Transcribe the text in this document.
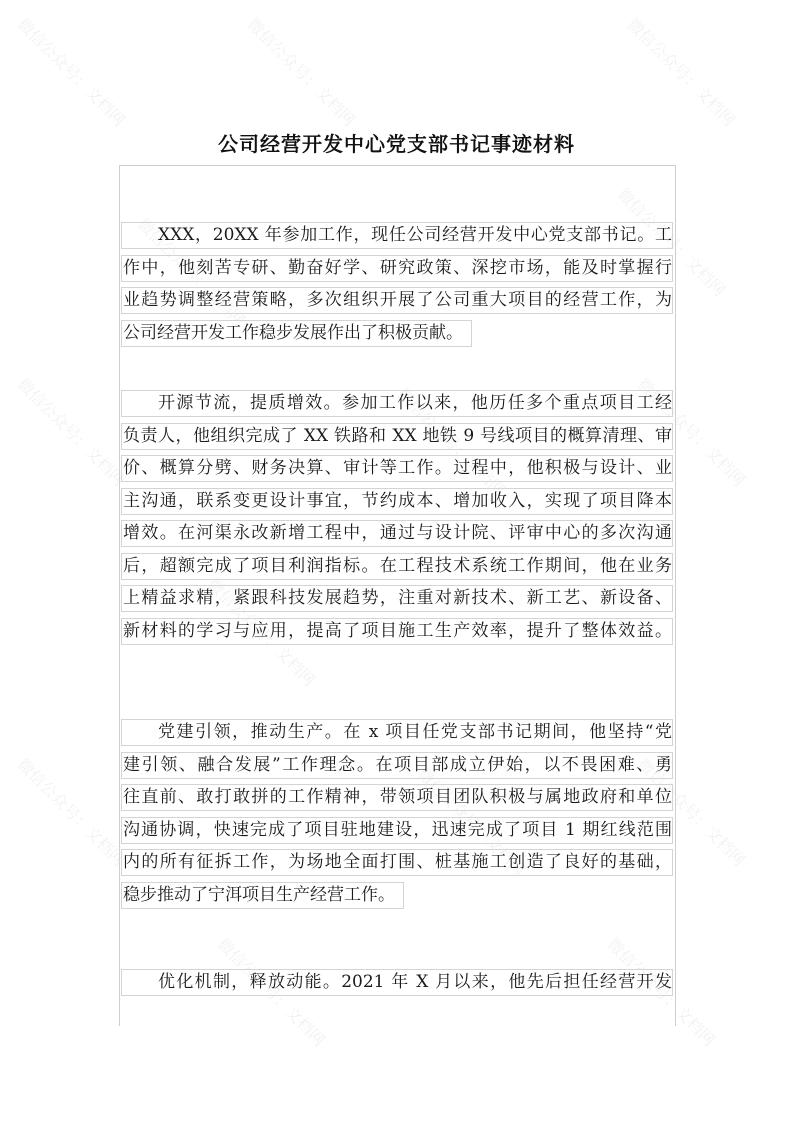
微信公众号：文档网	微信公众号：文档网	微信公众号：文档网
微信公众号：文档网	微信公众号：文档网
微信公众号：文档网	微信公众号：文档网	微信公众号：文档网
微信公众号：文档网
微信公众号：文档网	微信公众号：文档网	微信公众号：文档网
微信公众号：文档网	微信公众号：文档网
公司经营开发中心党支部书记事迹材料
XXX，20XX 年参加工作，现任公司经营开发中心党支部书记。工
作中，他刻苦专研、勤奋好学、研究政策、深挖市场，能及时掌握行
业趋势调整经营策略，多次组织开展了公司重大项目的经营工作，为
公司经营开发工作稳步发展作出了积极贡献。
开源节流，提质增效。参加工作以来，他历任多个重点项目工经
负责人，他组织完成了 XX 铁路和 XX 地铁 9 号线项目的概算清理、审
价、概算分劈、财务决算、审计等工作。过程中，他积极与设计、业
主沟通，联系变更设计事宜，节约成本、增加收入，实现了项目降本
增效。在河渠永改新增工程中，通过与设计院、评审中心的多次沟通
后，超额完成了项目利润指标。在工程技术系统工作期间，他在业务
上精益求精，紧跟科技发展趋势，注重对新技术、新工艺、新设备、
新材料的学习与应用，提高了项目施工生产效率，提升了整体效益。
党建引领，推动生产。在 x 项目任党支部书记期间，他坚持“党
建引领、融合发展”工作理念。在项目部成立伊始，以不畏困难、勇
往直前、敢打敢拼的工作精神，带领项目团队积极与属地政府和单位
沟通协调，快速完成了项目驻地建设，迅速完成了项目 1 期红线范围
内的所有征拆工作，为场地全面打围、桩基施工创造了良好的基础，
稳步推动了宁洱项目生产经营工作。
优化机制，释放动能。2021 年 X 月以来，他先后担任经营开发
